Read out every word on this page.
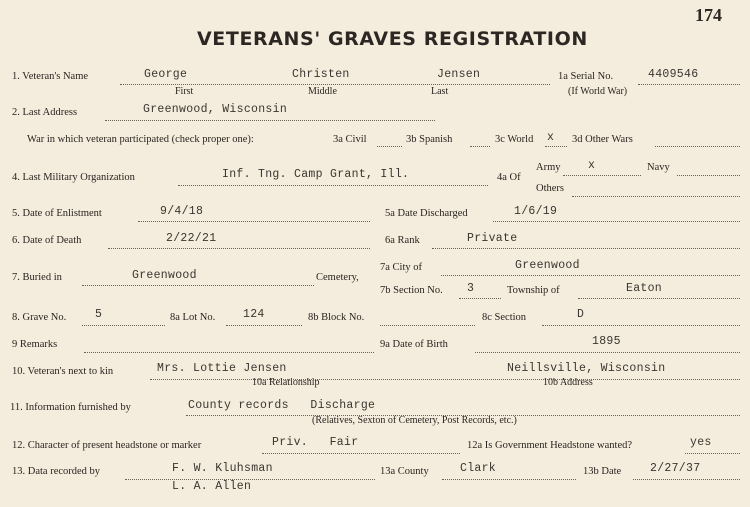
174
VETERANS' GRAVES REGISTRATION
1. Veteran's Name	George	Christen	Jensen
First	Middle	Last
1a Serial No.	4409546
(If World War)
2. Last Address	Greenwood, Wisconsin
War in which veteran participated (check proper one):	3a Civil	3b Spanish	3c World x 3d Other Wars
Army x	Navy
4. Last Military Organization	Inf. Tng. Camp Grant, Ill.	4a Of
Others
5. Date of Enlistment	9/4/18	5a Date Discharged	1/6/19
6. Date of Death	2/22/21	6a Rank	Private
7a City of	Greenwood
7. Buried in	Greenwood	Cemetery,
7b Section No. 3	Township of	Eaton
8. Grave No.	5	8a Lot No. 124	8b Block No.	8c Section	D
9 Remarks	9a Date of Birth	1895
10. Veteran's next to kin	Mrs. Lottie Jensen	Neillsville, Wisconsin
10a Relationship	10b Address
11. Information furnished by	County records   Discharge
(Relatives, Sexton of Cemetery, Post Records, etc.)
12. Character of present headstone or marker	Priv.   Fair	12a Is Government Headstone wanted?	yes
13. Data recorded by	F. W. Kluhsman
L. A. Allen
13a County	Clark	13b Date	2/27/37
